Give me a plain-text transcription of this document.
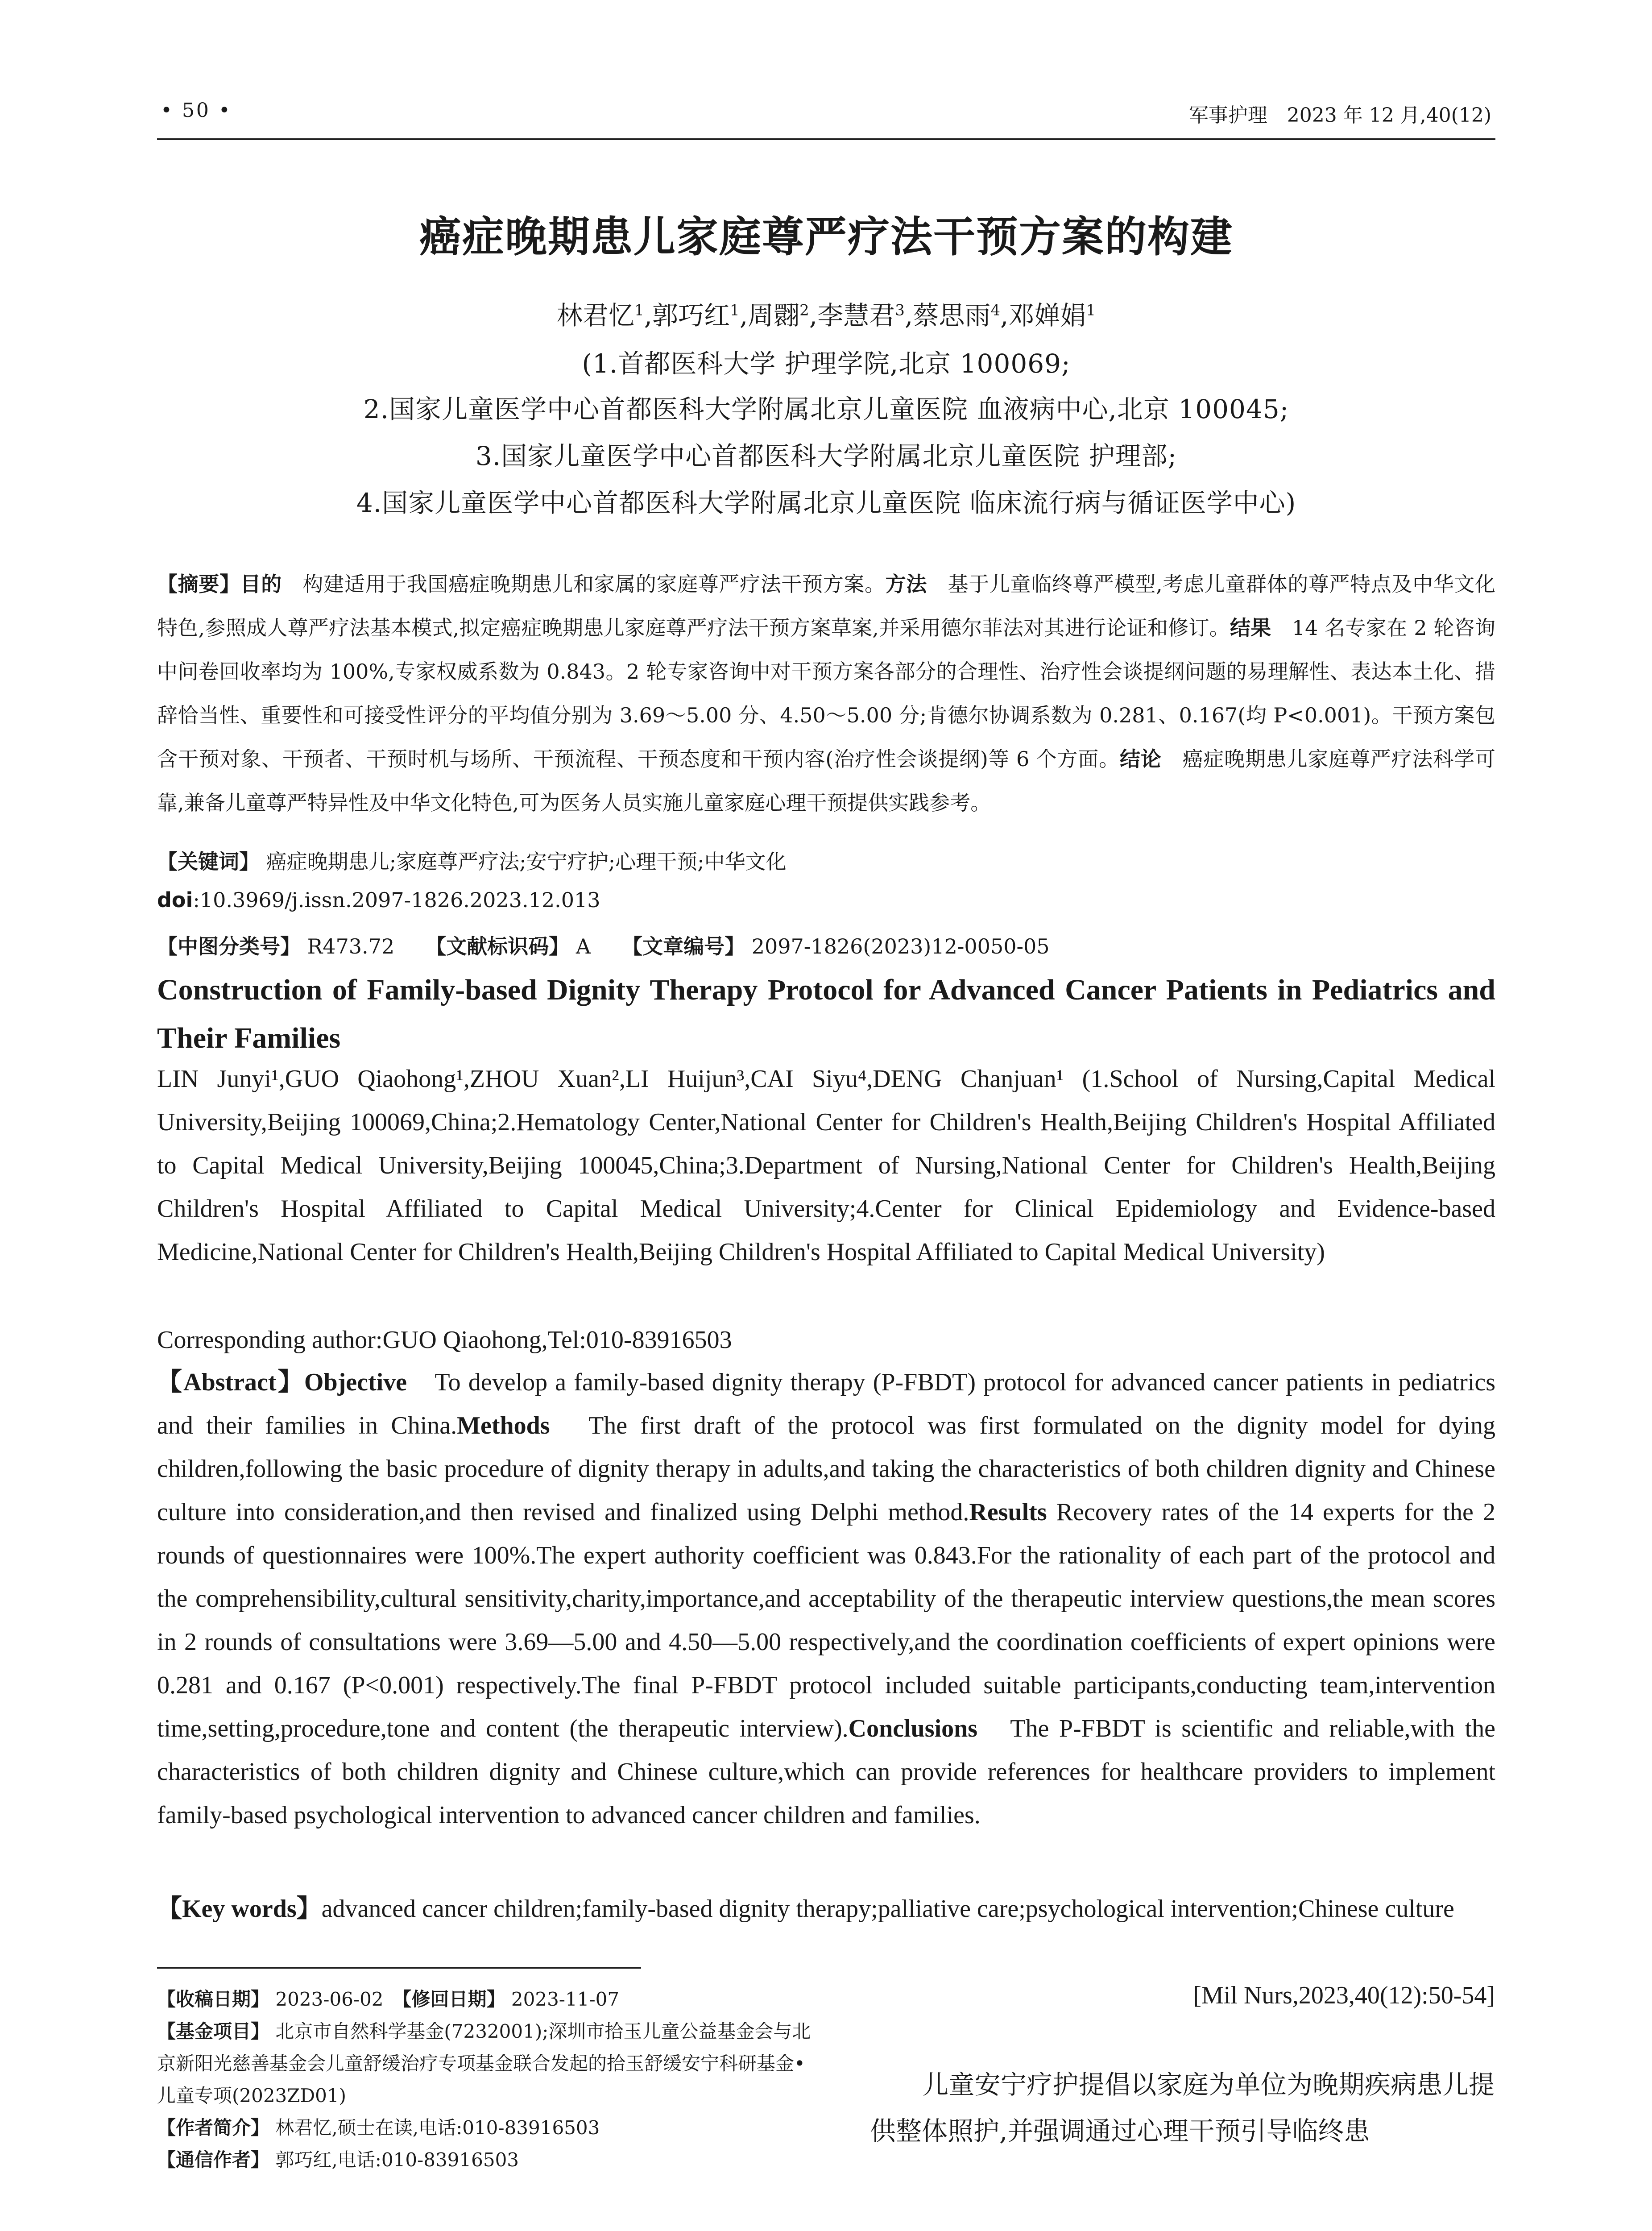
• 50 •	军事护理　2023 年 12 月,40(12)
癌症晚期患儿家庭尊严疗法干预方案的构建
林君忆$^1$,郭巧红$^1$,周翾$^2$,李慧君$^3$,蔡思雨$^4$,邓婵娟$^1$
(1.首都医科大学 护理学院,北京 100069;
2.国家儿童医学中心首都医科大学附属北京儿童医院 血液病中心,北京 100045;
3.国家儿童医学中心首都医科大学附属北京儿童医院 护理部;
4.国家儿童医学中心首都医科大学附属北京儿童医院 临床流行病与循证医学中心)
【摘要】目的　 构建适用于我国癌症晚期患儿和家属的家庭尊严疗法干预方案。方法　 基于儿童临终尊严模型,考虑儿童群体的尊严特点及中华文化特色,参照成人尊严疗法基本模式,拟定癌症晚期患儿家庭尊严疗法干预方案草案,并采用德尔菲法对其进行论证和修订。结果　 14 名专家在 2 轮咨询中问卷回收率均为 100%,专家权威系数为 0.843。2 轮专家咨询中对干预方案各部分的合理性、治疗性会谈提纲问题的易理解性、表达本土化、措辞恰当性、重要性和可接受性评分的平均值分别为 3.69～5.00 分、4.50～5.00 分;肯德尔协调系数为 0.281、0.167(均 P<0.001)。干预方案包含干预对象、干预者、干预时机与场所、干预流程、干预态度和干预内容(治疗性会谈提纲)等 6 个方面。结论　 癌症晚期患儿家庭尊严疗法科学可靠,兼备儿童尊严特异性及中华文化特色,可为医务人员实施儿童家庭心理干预提供实践参考。
【关键词】 癌症晚期患儿;家庭尊严疗法;安宁疗护;心理干预;中华文化
doi:10.3969/j.issn.2097-1826.2023.12.013
【中图分类号】 R473.72 【文献标识码】 A 【文章编号】 2097-1826(2023)12-0050-05
Construction of Family-based Dignity Therapy Protocol for Advanced Cancer Patients in Pediatrics and Their Families
LIN Junyi¹,GUO Qiaohong¹,ZHOU Xuan²,LI Huijun³,CAI Siyu⁴,DENG Chanjuan¹ (1.School of Nursing,Capital Medical University,Beijing 100069,China;2.Hematology Center,National Center for Children's Health,Beijing Children's Hospital Affiliated to Capital Medical University,Beijing 100045,China;3.Department of Nursing,National Center for Children's Health,Beijing Children's Hospital Affiliated to Capital Medical University;4.Center for Clinical Epidemiology and Evidence-based Medicine,National Center for Children's Health,Beijing Children's Hospital Affiliated to Capital Medical University)
Corresponding author:GUO Qiaohong,Tel:010-83916503
【Abstract】Objective　 To develop a family-based dignity therapy (P-FBDT) protocol for advanced cancer patients in pediatrics and their families in China.Methods　 The first draft of the protocol was first formulated on the dignity model for dying children,following the basic procedure of dignity therapy in adults,and taking the characteristics of both children dignity and Chinese culture into consideration,and then revised and finalized using Delphi method.Results Recovery rates of the 14 experts for the 2 rounds of questionnaires were 100%.The expert authority coefficient was 0.843.For the rationality of each part of the protocol and the comprehensibility,cultural sensitivity,charity,importance,and acceptability of the therapeutic interview questions,the mean scores in 2 rounds of consultations were 3.69—5.00 and 4.50—5.00 respectively,and the coordination coefficients of expert opinions were 0.281 and 0.167 (P<0.001) respectively.The final P-FBDT protocol included suitable participants,conducting team,intervention time,setting,procedure,tone and content (the therapeutic interview).Conclusions　 The P-FBDT is scientific and reliable,with the characteristics of both children dignity and Chinese culture,which can provide references for healthcare providers to implement family-based psychological intervention to advanced cancer children and families.
【Key words】advanced cancer children;family-based dignity therapy;palliative care;psychological intervention;Chinese culture
【收稿日期】 2023-06-02　 【修回日期】 2023-11-07
【基金项目】 北京市自然科学基金(7232001);深圳市拾玉儿童公益基金会与北京新阳光慈善基金会儿童舒缓治疗专项基金联合发起的拾玉舒缓安宁科研基金•儿童专项(2023ZD01)
【作者简介】 林君忆,硕士在读,电话:010-83916503
【通信作者】 郭巧红,电话:010-83916503
[Mil Nurs,2023,40(12):50-54]
儿童安宁疗护提倡以家庭为单位为晚期疾病患儿提供整体照护,并强调通过心理干预引导临终患
